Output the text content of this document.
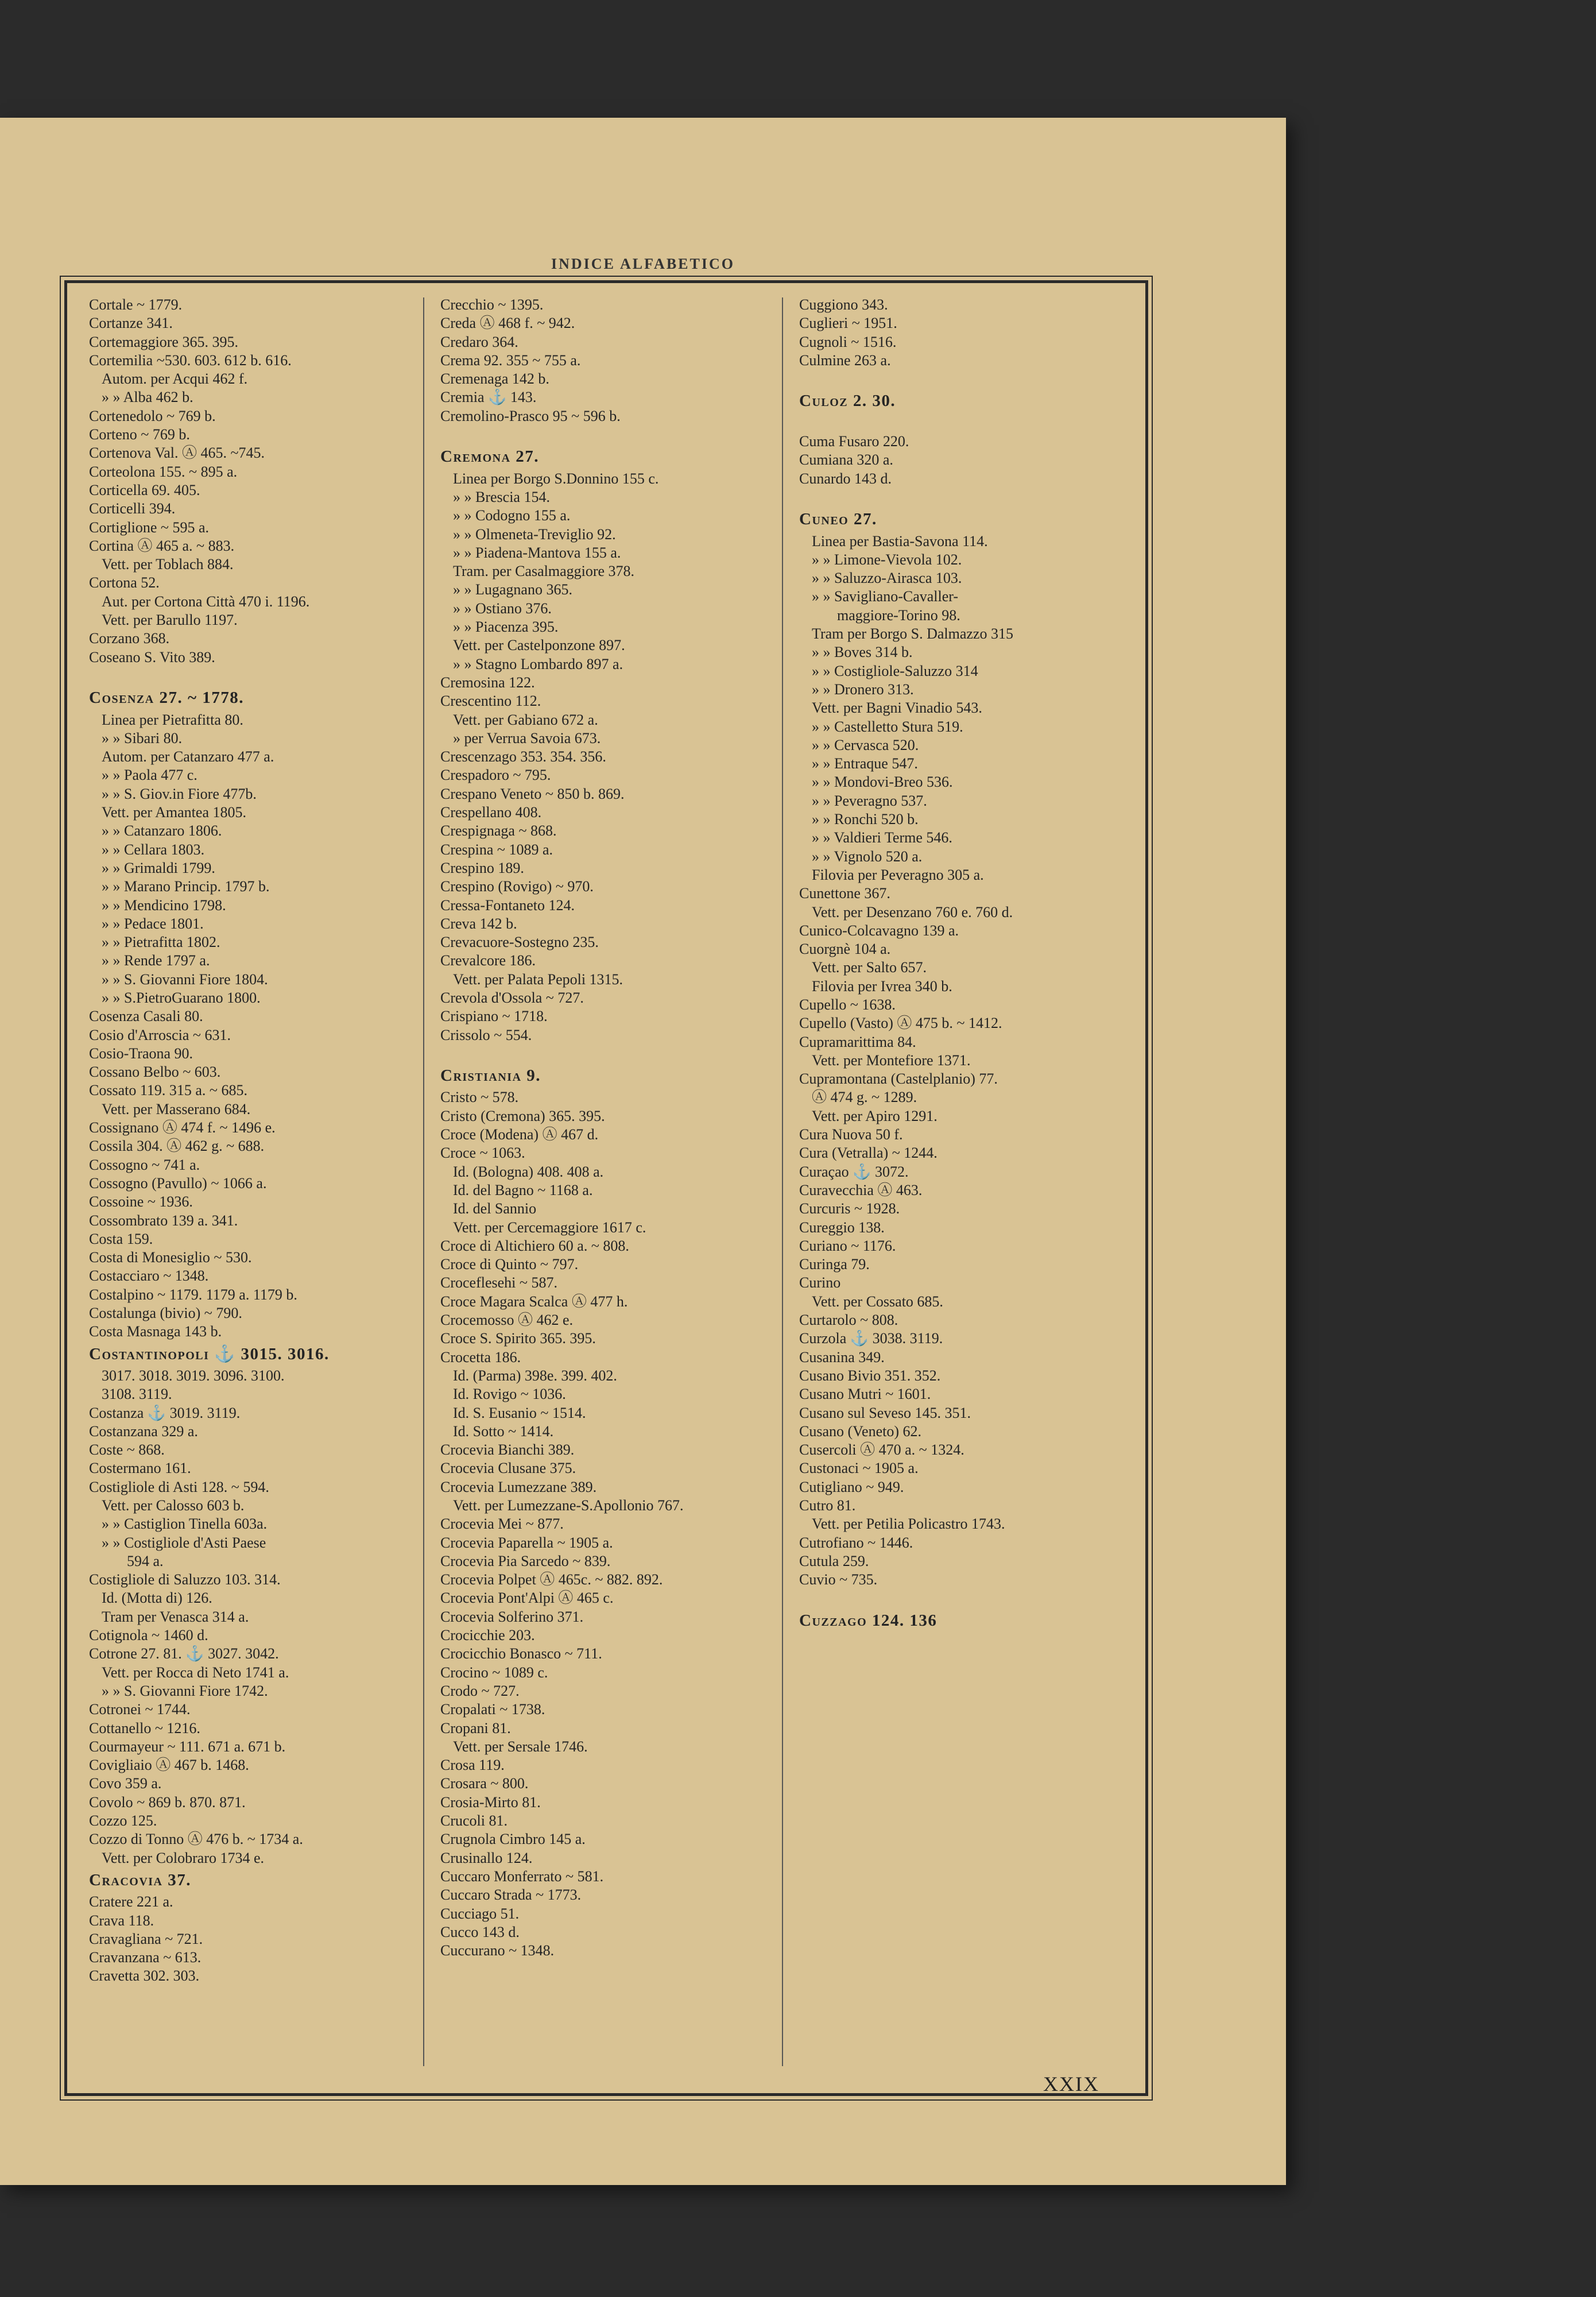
INDICE ALFABETICO
Cortale ~ 1779.
Cortanze 341.
Cortemaggiore 365. 395.
Cortemilia ~530. 603. 612 b. 616.
Autom. per Acqui 462 f.
» » Alba 462 b.
Cortenedolo ~ 769 b.
Corteno ~ 769 b.
Cortenova Val. Ⓐ 465. ~745.
Corteolona 155. ~ 895 a.
Corticella 69. 405.
Corticelli 394.
Cortiglione ~ 595 a.
Cortina Ⓐ 465 a. ~ 883.
Vett. per Toblach 884.
Cortona 52.
Aut. per Cortona Città 470 i. 1196.
Vett. per Barullo 1197.
Corzano 368.
Coseano S. Vito 389.

Cosenza 27. ~ 1778.
Linea per Pietrafitta 80.
» » Sibari 80.
Autom. per Catanzaro 477 a.
» » Paola 477 c.
» » S. Giov.in Fiore 477b.
Vett. per Amantea 1805.
» » Catanzaro 1806.
» » Cellara 1803.
» » Grimaldi 1799.
» » Marano Princip. 1797 b.
» » Mendicino 1798.
» » Pedace 1801.
» » Pietrafitta 1802.
» » Rende 1797 a.
» » S. Giovanni Fiore 1804.
» » S.PietroGuarano 1800.
Cosenza Casali 80.
Cosio d'Arroscia ~ 631.
Cosio-Traona 90.
Cossano Belbo ~ 603.
Cossato 119. 315 a. ~ 685.
Vett. per Masserano 684.
Cossignano Ⓐ 474 f. ~ 1496 e.
Cossila 304. Ⓐ 462 g. ~ 688.
Cossogno ~ 741 a.
Cossogno (Pavullo) ~ 1066 a.
Cossoine ~ 1936.
Cossombrato 139 a. 341.
Costa 159.
Costa di Monesiglio ~ 530.
Costacciaro ~ 1348.
Costalpino ~ 1179. 1179 a. 1179 b.
Costalunga (bivio) ~ 790.
Costa Masnaga 143 b.
Costantinopoli ⚓ 3015. 3016.
3017. 3018. 3019. 3096. 3100.
3108. 3119.
Costanza ⚓ 3019. 3119.
Costanzana 329 a.
Coste ~ 868.
Costermano 161.
Costigliole di Asti 128. ~ 594.
Vett. per Calosso 603 b.
» » Castiglion Tinella 603a.
» » Costigliole d'Asti Paese
594 a.
Costigliole di Saluzzo 103. 314.
Id. (Motta di) 126.
Tram per Venasca 314 a.
Cotignola ~ 1460 d.
Cotrone 27. 81. ⚓ 3027. 3042.
Vett. per Rocca di Neto 1741 a.
» » S. Giovanni Fiore 1742.
Cotronei ~ 1744.
Cottanello ~ 1216.
Courmayeur ~ 111. 671 a. 671 b.
Covigliaio Ⓐ 467 b. 1468.
Covo 359 a.
Covolo ~ 869 b. 870. 871.
Cozzo 125.
Cozzo di Tonno Ⓐ 476 b. ~ 1734 a.
Vett. per Colobraro 1734 e.
Cracovia 37.
Cratere 221 a.
Crava 118.
Cravagliana ~ 721.
Cravanzana ~ 613.
Cravetta 302. 303.
Crecchio ~ 1395.
Creda Ⓐ 468 f. ~ 942.
Credaro 364.
Crema 92. 355 ~ 755 a.
Cremenaga 142 b.
Cremia ⚓ 143.
Cremolino-Prasco 95 ~ 596 b.

Cremona 27.
Linea per Borgo S.Donnino 155 c.
» » Brescia 154.
» » Codogno 155 a.
» » Olmeneta-Treviglio 92.
» » Piadena-Mantova 155 a.
Tram. per Casalmaggiore 378.
» » Lugagnano 365.
» » Ostiano 376.
» » Piacenza 395.
Vett. per Castelponzone 897.
» » Stagno Lombardo 897 a.
Cremosina 122.
Crescentino 112.
Vett. per Gabiano 672 a.
» per Verrua Savoia 673.
Crescenzago 353. 354. 356.
Crespadoro ~ 795.
Crespano Veneto ~ 850 b. 869.
Crespellano 408.
Crespignaga ~ 868.
Crespina ~ 1089 a.
Crespino 189.
Crespino (Rovigo) ~ 970.
Cressa-Fontaneto 124.
Creva 142 b.
Crevacuore-Sostegno 235.
Crevalcore 186.
Vett. per Palata Pepoli 1315.
Crevola d'Ossola ~ 727.
Crispiano ~ 1718.
Crissolo ~ 554.

Cristiania 9.
Cristo ~ 578.
Cristo (Cremona) 365. 395.
Croce (Modena) Ⓐ 467 d.
Croce ~ 1063.
Id. (Bologna) 408. 408 a.
Id. del Bagno ~ 1168 a.
Id. del Sannio
Vett. per Cercemaggiore 1617 c.
Croce di Altichiero 60 a. ~ 808.
Croce di Quinto ~ 797.
Croceflesehi ~ 587.
Croce Magara Scalca Ⓐ 477 h.
Crocemosso Ⓐ 462 e.
Croce S. Spirito 365. 395.
Crocetta 186.
Id. (Parma) 398e. 399. 402.
Id. Rovigo ~ 1036.
Id. S. Eusanio ~ 1514.
Id. Sotto ~ 1414.
Croceviа Bianchi 389.
Crocevia Clusane 375.
Crocevia Lumezzane 389.
Vett. per Lumezzane-S.Apollonio 767.
Crocevia Mei ~ 877.
Crocevia Paparella ~ 1905 a.
Crocevia Pia Sarcedo ~ 839.
Crocevia Polpet Ⓐ 465c. ~ 882. 892.
Crocevia Pont'Alpi Ⓐ 465 c.
Crocevia Solferino 371.
Crocicchie 203.
Crocicchio Bonasco ~ 711.
Crocino ~ 1089 c.
Crodo ~ 727.
Cropalati ~ 1738.
Cropani 81.
Vett. per Sersale 1746.
Crosa 119.
Crosara ~ 800.
Crosia-Mirto 81.
Crucoli 81.
Crugnola Cimbro 145 a.
Crusinallo 124.
Cuccaro Monferrato ~ 581.
Cuccaro Strada ~ 1773.
Cucciago 51.
Cucco 143 d.
Cuccurano ~ 1348.
Cuggiono 343.
Cuglieri ~ 1951.
Cugnoli ~ 1516.
Culmine 263 a.

Culoz 2. 30.

Cuma Fusaro 220.
Cumiana 320 a.
Cunardo 143 d.

Cuneo 27.
Linea per Bastia-Savona 114.
» » Limone-Vievola 102.
» » Saluzzo-Airasca 103.
» » Savigliano-Cavaller-
maggiore-Torino 98.
Tram per Borgo S. Dalmazzo 315
» » Boves 314 b.
» » Costigliole-Saluzzo 314
» » Dronero 313.
Vett. per Bagni Vinadio 543.
» » Castelletto Stura 519.
» » Cervasca 520.
» » Entraque 547.
» » Mondovi-Breo 536.
» » Peveragno 537.
» » Ronchi 520 b.
» » Valdieri Terme 546.
» » Vignolo 520 a.
Filovia per Peveragno 305 a.
Cunettone 367.
Vett. per Desenzano 760 e. 760 d.
Cunico-Colcavagno 139 a.
Cuorgnè 104 a.
Vett. per Salto 657.
Filovia per Ivrea 340 b.
Cupello ~ 1638.
Cupello (Vasto) Ⓐ 475 b. ~ 1412.
Cupramarittima 84.
Vett. per Montefiore 1371.
Cupramontana (Castelplanio) 77.
Ⓐ 474 g. ~ 1289.
Vett. per Apiro 1291.
Cura Nuova 50 f.
Cura (Vetralla) ~ 1244.
Curaçao ⚓ 3072.
Curavecchia Ⓐ 463.
Curcuris ~ 1928.
Cureggio 138.
Curiano ~ 1176.
Curinga 79.
Curino
Vett. per Cossato 685.
Curtarolo ~ 808.
Curzola ⚓ 3038. 3119.
Cusanina 349.
Cusano Bivio 351. 352.
Cusano Mutri ~ 1601.
Cusano sul Seveso 145. 351.
Cusano (Veneto) 62.
Cusercoli Ⓐ 470 a. ~ 1324.
Custonaci ~ 1905 a.
Cutigliano ~ 949.
Cutro 81.
Vett. per Petilia Policastro 1743.
Cutrofiano ~ 1446.
Cutula 259.
Cuvio ~ 735.

Cuzzago 124. 136
XXIX
